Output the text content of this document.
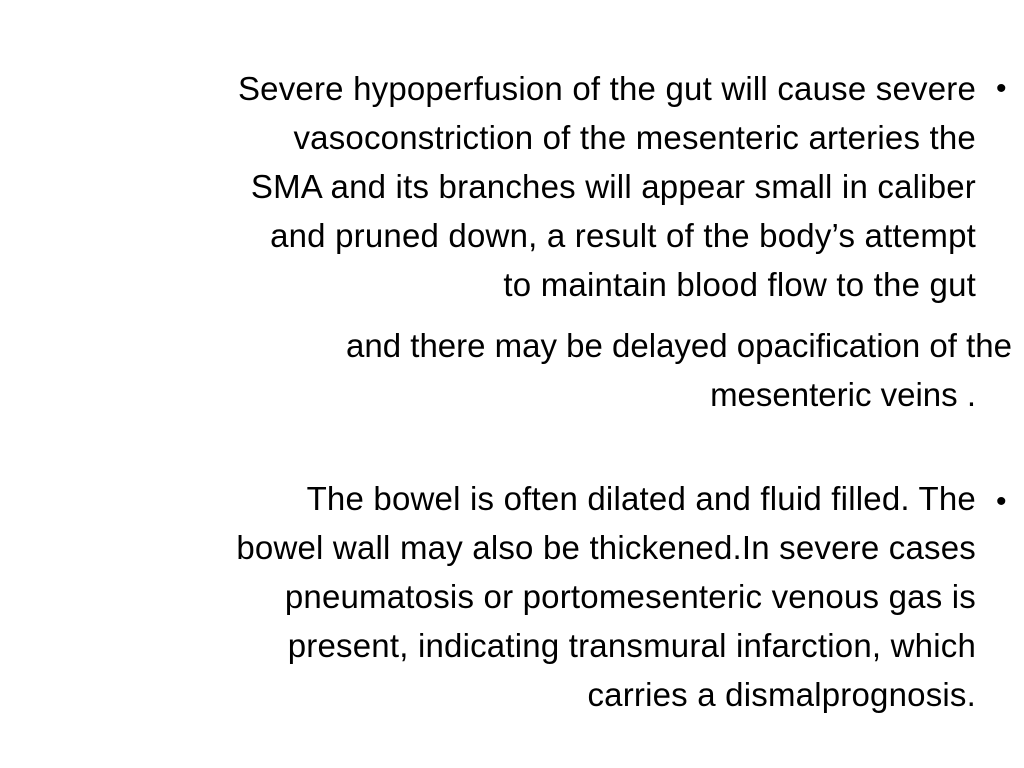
•
Severe hypoperfusion of the gut will cause severe
vasoconstriction of the mesenteric arteries the
SMA and its branches will appear small in caliber
and pruned down, a result of the body’s attempt
to maintain blood flow to the gut
and there may be delayed opacification of the
mesenteric veins .
•
The bowel is often dilated and fluid filled. The
bowel wall may also be thickened.In severe cases
pneumatosis or portomesenteric venous gas is
present, indicating transmural infarction, which
carries a dismalprognosis.
